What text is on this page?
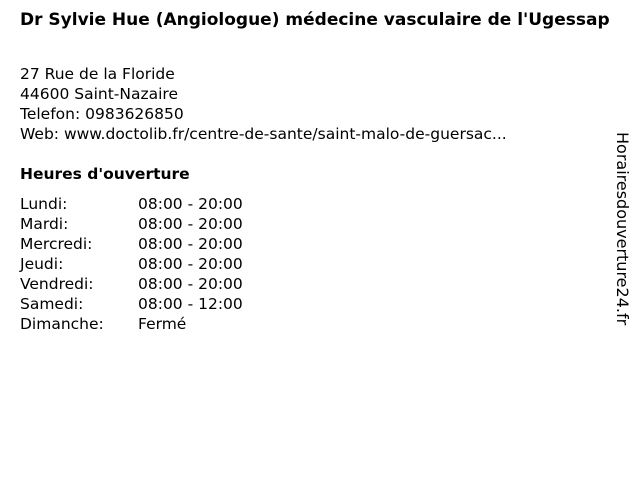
Dr Sylvie Hue (Angiologue) médecine vasculaire de l'Ugessap
27 Rue de la Floride
44600 Saint-Nazaire
Telefon: 0983626850
Web: www.doctolib.fr/centre-de-sante/saint-malo-de-guersac...
Heures d'ouverture
Lundi:	08:00 - 20:00
Mardi:	08:00 - 20:00
Mercredi:	08:00 - 20:00
Jeudi:	08:00 - 20:00
Vendredi:	08:00 - 20:00
Samedi:	08:00 - 12:00
Dimanche:	Fermé	Horairesdouverture24.fr
